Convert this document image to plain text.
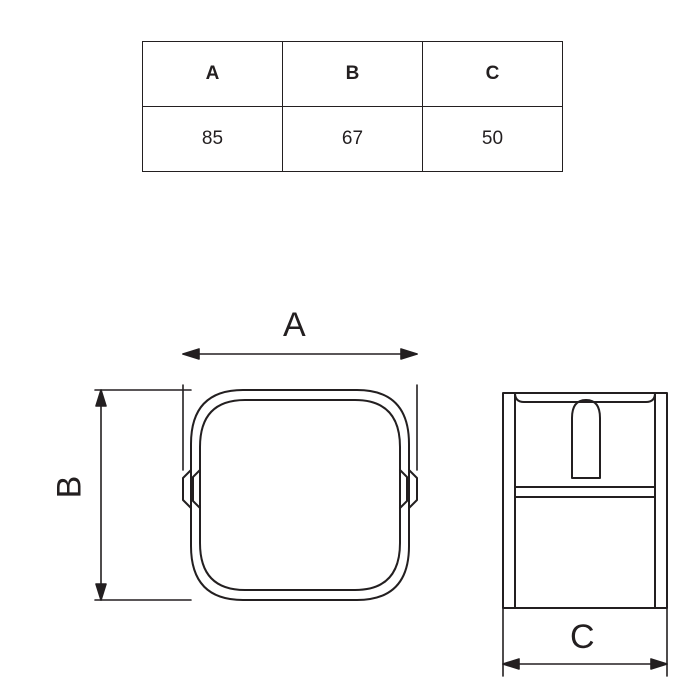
A	B	C
85	67	50
A
B
C
